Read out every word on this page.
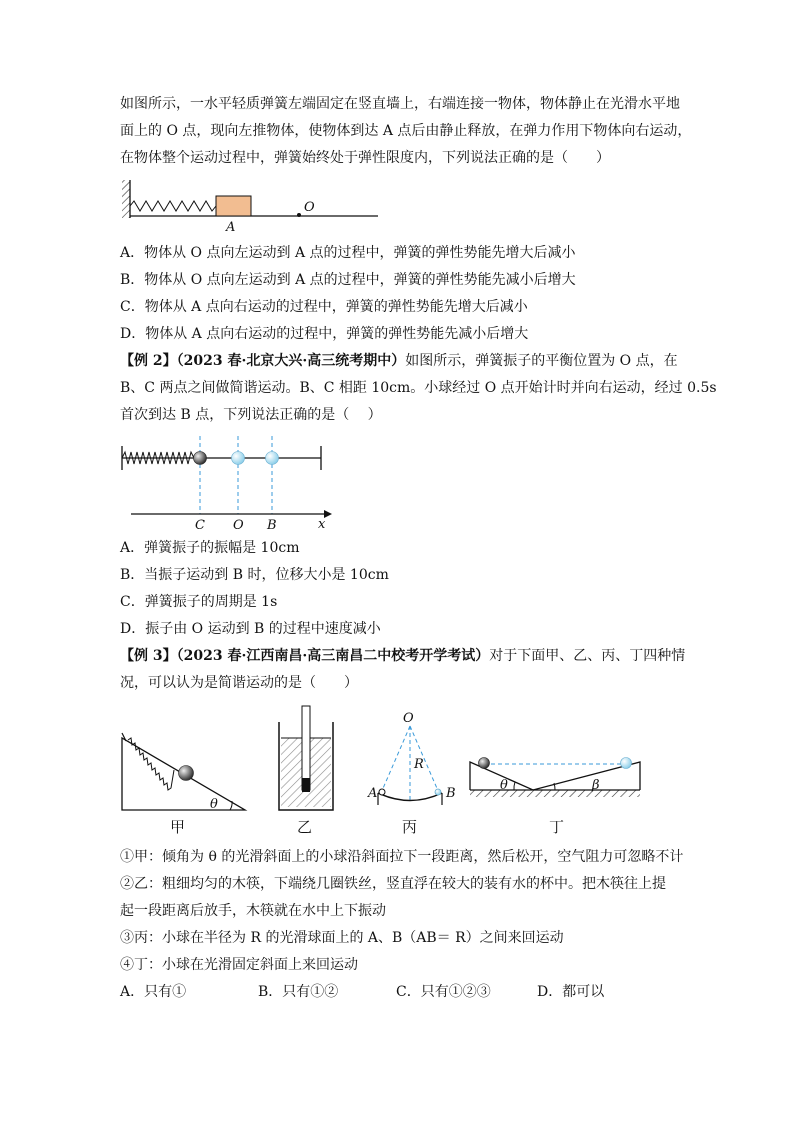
如图所示，一水平轻质弹簧左端固定在竖直墙上，右端连接一物体，物体静止在光滑水平地
面上的 O 点，现向左推物体，使物体到达 A 点后由静止释放，在弹力作用下物体向右运动，
在物体整个运动过程中，弹簧始终处于弹性限度内，下列说法正确的是（　　）
O
A
A．物体从 O 点向左运动到 A 点的过程中，弹簧的弹性势能先增大后减小
B．物体从 O 点向左运动到 A 点的过程中，弹簧的弹性势能先减小后增大
C．物体从 A 点向右运动的过程中，弹簧的弹性势能先增大后减小
D．物体从 A 点向右运动的过程中，弹簧的弹性势能先减小后增大
【例 2】（2023 春·北京大兴·高三统考期中）如图所示，弹簧振子的平衡位置为 O 点，在
B、C 两点之间做简谐运动。B、C 相距 10cm。小球经过 O 点开始计时并向右运动，经过 0.5s
首次到达 B 点，下列说法正确的是（　 ）
C O B	x
A．弹簧振子的振幅是 10cm
B．当振子运动到 B 时，位移大小是 10cm
C．弹簧振子的周期是 1s
D．振子由 O 运动到 B 的过程中速度减小
【例 3】（2023 春·江西南昌·高三南昌二中校考开学考试）对于下面甲、乙、丙、丁四种情
况，可以认为是简谐运动的是（　　）
θ
甲	乙
O
R
A	B
丙
θ	β
丁
①甲：倾角为 θ 的光滑斜面上的小球沿斜面拉下一段距离，然后松开，空气阻力可忽略不计
②乙：粗细均匀的木筷，下端绕几圈铁丝，竖直浮在较大的装有水的杯中。把木筷往上提
起一段距离后放手，木筷就在水中上下振动
③丙：小球在半径为 R 的光滑球面上的 A、B（AB＝ R）之间来回运动
④丁：小球在光滑固定斜面上来回运动
A．只有①	B．只有①②	C．只有①②③	D．都可以
